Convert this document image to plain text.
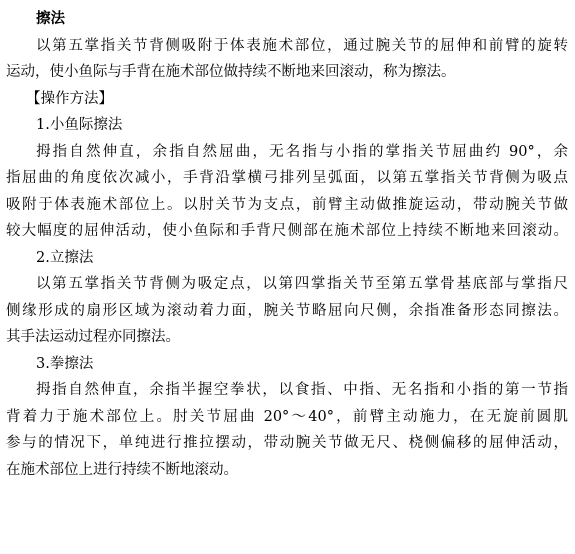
擦法
以第五掌指关节背侧吸附于体表施术部位，通过腕关节的屈伸和前臂的旋转
运动，使小鱼际与手背在施术部位做持续不断地来回滚动，称为擦法。
【操作方法】
1.小鱼际擦法
拇指自然伸直，余指自然屈曲，无名指与小指的掌指关节屈曲约 90°，余
指屈曲的角度依次减小，手背沿掌横弓排列呈弧面，以第五掌指关节背侧为吸点
吸附于体表施术部位上。以肘关节为支点，前臂主动做推旋运动，带动腕关节做
较大幅度的屈伸活动，使小鱼际和手背尺侧部在施术部位上持续不断地来回滚动。
2.立擦法
以第五掌指关节背侧为吸定点，以第四掌指关节至第五掌骨基底部与掌指尺
侧缘形成的扇形区域为滚动着力面，腕关节略屈向尺侧，余指准备形态同擦法。
其手法运动过程亦同擦法。
3.拳擦法
拇指自然伸直，余指半握空拳状，以食指、中指、无名指和小指的第一节指
背着力于施术部位上。肘关节屈曲 20°～40°，前臂主动施力，在无旋前圆肌
参与的情况下，单纯进行推拉摆动，带动腕关节做无尺、桡侧偏移的屈伸活动，
在施术部位上进行持续不断地滚动。
